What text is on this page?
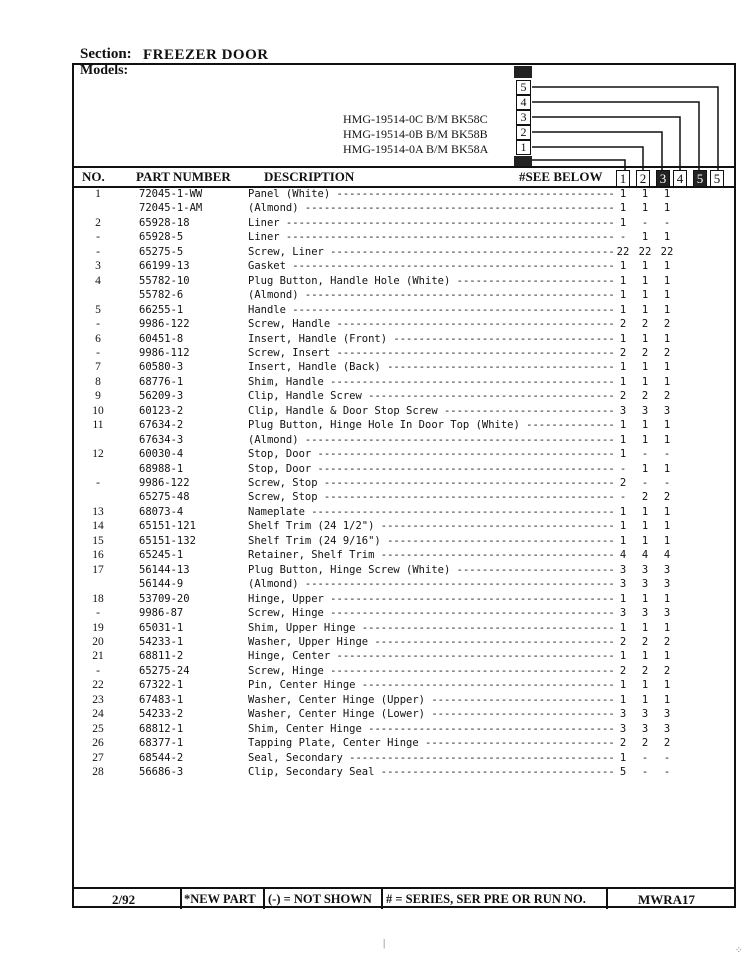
Section: FREEZER DOOR
Models:
HMG-19514-0C B/M BK58C
HMG-19514-0B B/M BK58B
HMG-19514-0A B/M BK58A
5
4
3
2
1
NO. PART NUMBER	DESCRIPTION	#SEE BELOW 1 2 3 4 5 5
1	72045-1-WW	Panel (White) -----	1	1	1
72045-1-AM	(Almond) -----	1	1	1
2	65928-18	Liner -----	1	-	-
-	65928-5	Liner -----	-	1	1
-	65275-5	Screw, Liner -----	22 22 22
3	66199-13	Gasket -----	1	1	1
4	55782-10	Plug Button, Handle Hole (White) -----	1	1	1
55782-6	(Almond) -----	1	1	1
5	66255-1	Handle -----	1	1	1
-	9986-122	Screw, Handle -----	2	2	2
6	60451-8	Insert, Handle (Front) -----	1	1	1
-	9986-112	Screw, Insert -----	2	2	2
7	60580-3	Insert, Handle (Back) -----	1	1	1
8	68776-1	Shim, Handle -----	1	1	1
9	56209-3	Clip, Handle Screw -----	2	2	2
10	60123-2	Clip, Handle & Door Stop Screw -----	3	3	3
11	67634-2	Plug Button, Hinge Hole In Door Top (White) -----	1	1	1
67634-3	(Almond) -----	1	1	1
12	60030-4	Stop, Door -----	1	-	-
68988-1	Stop, Door -----	-	1	1
-	9986-122	Screw, Stop -----	2	-	-
65275-48	Screw, Stop -----	-	2	2
13	68073-4	Nameplate -----	1	1	1
14	65151-121	Shelf Trim (24 1/2") -----	1	1	1
15	65151-132	Shelf Trim (24 9/16") -----	1	1	1
16	65245-1	Retainer, Shelf Trim -----	4	4	4
17	56144-13	Plug Button, Hinge Screw (White) -----	3	3	3
56144-9	(Almond) -----	3	3	3
18	53709-20	Hinge, Upper -----	1	1	1
-	9986-87	Screw, Hinge -----	3	3	3
19	65031-1	Shim, Upper Hinge -----	1	1	1
20	54233-1	Washer, Upper Hinge -----	2	2	2
21	68811-2	Hinge, Center -----	1	1	1
-	65275-24	Screw, Hinge -----	2	2	2
22	67322-1	Pin, Center Hinge -----	1	1	1
23	67483-1	Washer, Center Hinge (Upper) -----	1	1	1
24	54233-2	Washer, Center Hinge (Lower) -----	3	3	3
25	68812-1	Shim, Center Hinge -----	3	3	3
26	68377-1	Tapping Plate, Center Hinge -----	2	2	2
27	68544-2	Seal, Secondary -----	1	-	-
28	56686-3	Clip, Secondary Seal -----	5	-	-
2/92	*NEW PART (-) = NOT SHOWN # = SERIES, SER PRE OR RUN NO.	MWRA17
|
⁘
